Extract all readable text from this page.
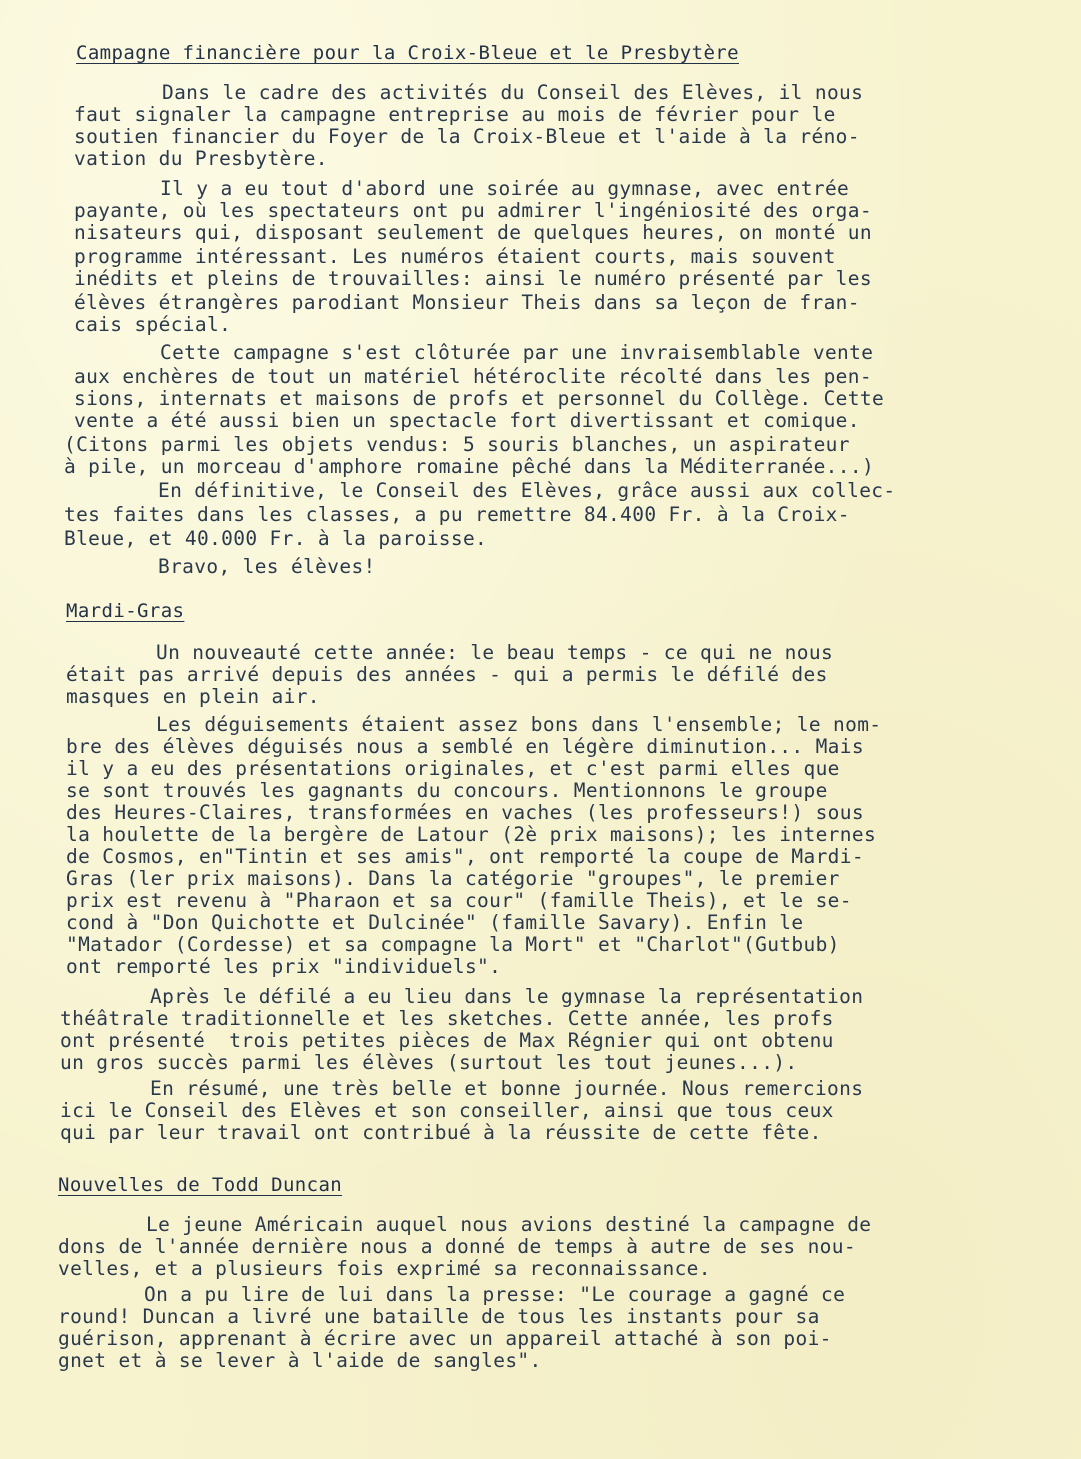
Campagne financière pour la Croix-Bleue et le Presbytère
Dans le cadre des activités du Conseil des Elèves, il nous
faut signaler la campagne entreprise au mois de février pour le
soutien financier du Foyer de la Croix-Bleue et l'aide à la réno-
vation du Presbytère.
Il y a eu tout d'abord une soirée au gymnase, avec entrée
payante, où les spectateurs ont pu admirer l'ingéniosité des orga-
nisateurs qui, disposant seulement de quelques heures, on monté un
programme intéressant. Les numéros étaient courts, mais souvent
inédits et pleins de trouvailles: ainsi le numéro présenté par les
élèves étrangères parodiant Monsieur Theis dans sa leçon de fran-
cais spécial.
Cette campagne s'est clôturée par une invraisemblable vente
aux enchères de tout un matériel hétéroclite récolté dans les pen-
sions, internats et maisons de profs et personnel du Collège. Cette
vente a été aussi bien un spectacle fort divertissant et comique.
(Citons parmi les objets vendus: 5 souris blanches, un aspirateur
à pile, un morceau d'amphore romaine pêché dans la Méditerranée...)
En définitive, le Conseil des Elèves, grâce aussi aux collec-
tes faites dans les classes, a pu remettre 84.400 Fr. à la Croix-
Bleue, et 40.000 Fr. à la paroisse.
Bravo, les élèves!
Mardi-Gras
Un nouveauté cette année: le beau temps - ce qui ne nous
était pas arrivé depuis des années - qui a permis le défilé des
masques en plein air.
Les déguisements étaient assez bons dans l'ensemble; le nom-
bre des élèves déguisés nous a semblé en légère diminution... Mais
il y a eu des présentations originales, et c'est parmi elles que
se sont trouvés les gagnants du concours. Mentionnons le groupe
des Heures-Claires, transformées en vaches (les professeurs!) sous
la houlette de la bergère de Latour (2è prix maisons); les internes
de Cosmos, en"Tintin et ses amis", ont remporté la coupe de Mardi-
Gras (ler prix maisons). Dans la catégorie "groupes", le premier
prix est revenu à "Pharaon et sa cour" (famille Theis), et le se-
cond à "Don Quichotte et Dulcinée" (famille Savary). Enfin le
"Matador (Cordesse) et sa compagne la Mort" et "Charlot"(Gutbub)
ont remporté les prix "individuels".
Après le défilé a eu lieu dans le gymnase la représentation
théâtrale traditionnelle et les sketches. Cette année, les profs
ont présenté  trois petites pièces de Max Régnier qui ont obtenu
un gros succès parmi les élèves (surtout les tout jeunes...).
En résumé, une très belle et bonne journée. Nous remercions
ici le Conseil des Elèves et son conseiller, ainsi que tous ceux
qui par leur travail ont contribué à la réussite de cette fête.
Nouvelles de Todd Duncan
Le jeune Américain auquel nous avions destiné la campagne de
dons de l'année dernière nous a donné de temps à autre de ses nou-
velles, et a plusieurs fois exprimé sa reconnaissance.
On a pu lire de lui dans la presse: "Le courage a gagné ce
round! Duncan a livré une bataille de tous les instants pour sa
guérison, apprenant à écrire avec un appareil attaché à son poi-
gnet et à se lever à l'aide de sangles".
